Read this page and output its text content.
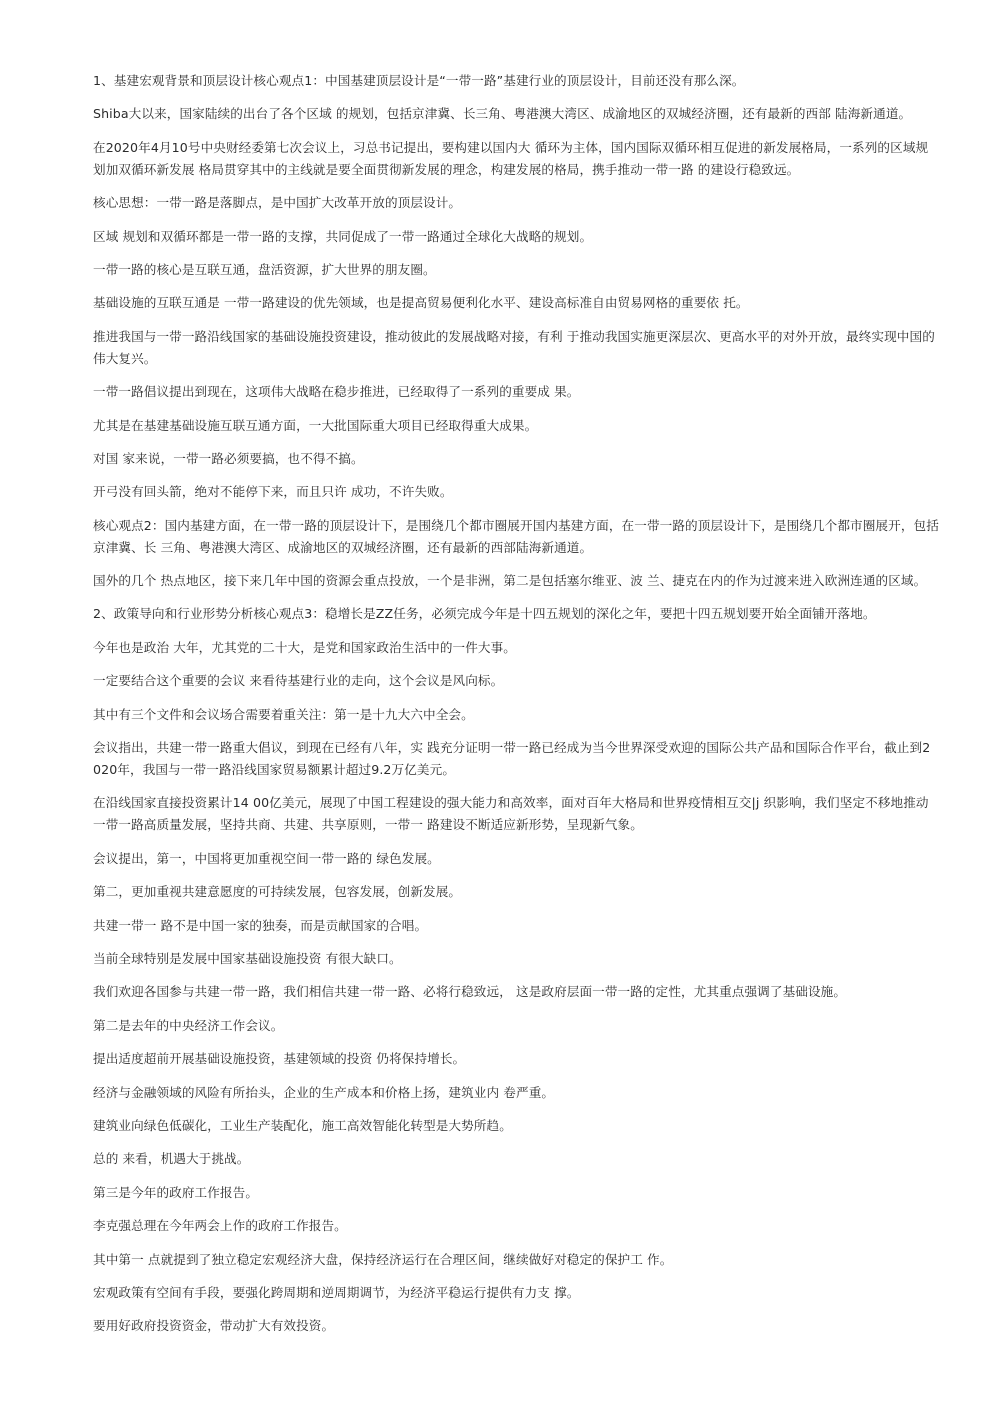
1、基建宏观背景和顶层设计核心观点1：中国基建顶层设计是“一带一路”基建行业的顶层设计，目前还没有那么深。

Shiba大以来，国家陆续的出台了各个区域 的规划，包括京津冀、长三角、粤港澳大湾区、成渝地区的双城经济圈，还有最新的西部 陆海新通道。

在2020年4月10号中央财经委第七次会议上，习总书记提出，要构建以国内大 循环为主体，国内国际双循环相互促进的新发展格局，一系列的区域规划加双循环新发展 格局贯穿其中的主线就是要全面贯彻新发展的理念，构建发展的格局，携手推动一带一路 的建设行稳致远。

核心思想：一带一路是落脚点，是中国扩大改革开放的顶层设计。

区域 规划和双循环都是一带一路的支撑，共同促成了一带一路通过全球化大战略的规划。

一带一路的核心是互联互通，盘活资源，扩大世界的朋友圈。

基础设施的互联互通是 一带一路建设的优先领域，也是提高贸易便利化水平、建设高标准自由贸易网格的重要依 托。

推进我国与一带一路沿线国家的基础设施投资建设，推动彼此的发展战略对接，有利 于推动我国实施更深层次、更高水平的对外开放，最终实现中国的伟大复兴。

一带一路倡议提出到现在，这项伟大战略在稳步推进，已经取得了一系列的重要成 果。

尤其是在基建基础设施互联互通方面，一大批国际重大项目已经取得重大成果。

对国 家来说，一带一路必须要搞，也不得不搞。

开弓没有回头箭，绝对不能停下来，而且只许 成功，不许失败。

核心观点2：国内基建方面，在一带一路的顶层设计下，是围绕几个都市圈展开国内基建方面，在一带一路的顶层设计下，是围绕几个都市圈展开，包括京津冀、长 三角、粤港澳大湾区、成渝地区的双城经济圈，还有最新的西部陆海新通道。

国外的几个 热点地区，接下来几年中国的资源会重点投放，一个是非洲，第二是包括塞尔维亚、波 兰、捷克在内的作为过渡来进入欧洲连通的区域。

2、政策导向和行业形势分析核心观点3：稳增长是ZZ任务，必须完成今年是十四五规划的深化之年，要把十四五规划要开始全面铺开落地。

今年也是政治 大年，尤其党的二十大，是党和国家政治生活中的一件大事。

一定要结合这个重要的会议 来看待基建行业的走向，这个会议是风向标。

其中有三个文件和会议场合需要着重关注：第一是十九大六中全会。

会议指出，共建一带一路重大倡议，到现在已经有八年，实 践充分证明一带一路已经成为当今世界深受欢迎的国际公共产品和国际合作平台，截止到2 020年，我国与一带一路沿线国家贸易额累计超过9.2万亿美元。

在沿线国家直接投资累计14 00亿美元，展现了中国工程建设的强大能力和高效率，面对百年大格局和世界疫情相互交|j 织影响，我们坚定不移地推动一带一路高质量发展，坚持共商、共建、共享原则，一带一 路建设不断适应新形势，呈现新气象。

会议提出，第一，中国将更加重视空间一带一路的 绿色发展。

第二，更加重视共建意愿度的可持续发展，包容发展，创新发展。

共建一带一 路不是中国一家的独奏，而是贡献国家的合唱。

当前全球特别是发展中国家基础设施投资 有很大缺口。

我们欢迎各国参与共建一带一路，我们相信共建一带一路、必将行稳致远， 这是政府层面一带一路的定性，尤其重点强调了基础设施。

第二是去年的中央经济工作会议。

提出适度超前开展基础设施投资，基建领域的投资 仍将保持增长。

经济与金融领域的风险有所抬头，企业的生产成本和价格上扬，建筑业内 卷严重。

建筑业向绿色低碳化，工业生产装配化，施工高效智能化转型是大势所趋。

总的 来看，机遇大于挑战。

第三是今年的政府工作报告。

李克强总理在今年两会上作的政府工作报告。

其中第一 点就提到了独立稳定宏观经济大盘，保持经济运行在合理区间，继续做好对稳定的保护工 作。

宏观政策有空间有手段，要强化跨周期和逆周期调节，为经济平稳运行提供有力支 撑。

要用好政府投资资金，带动扩大有效投资。
